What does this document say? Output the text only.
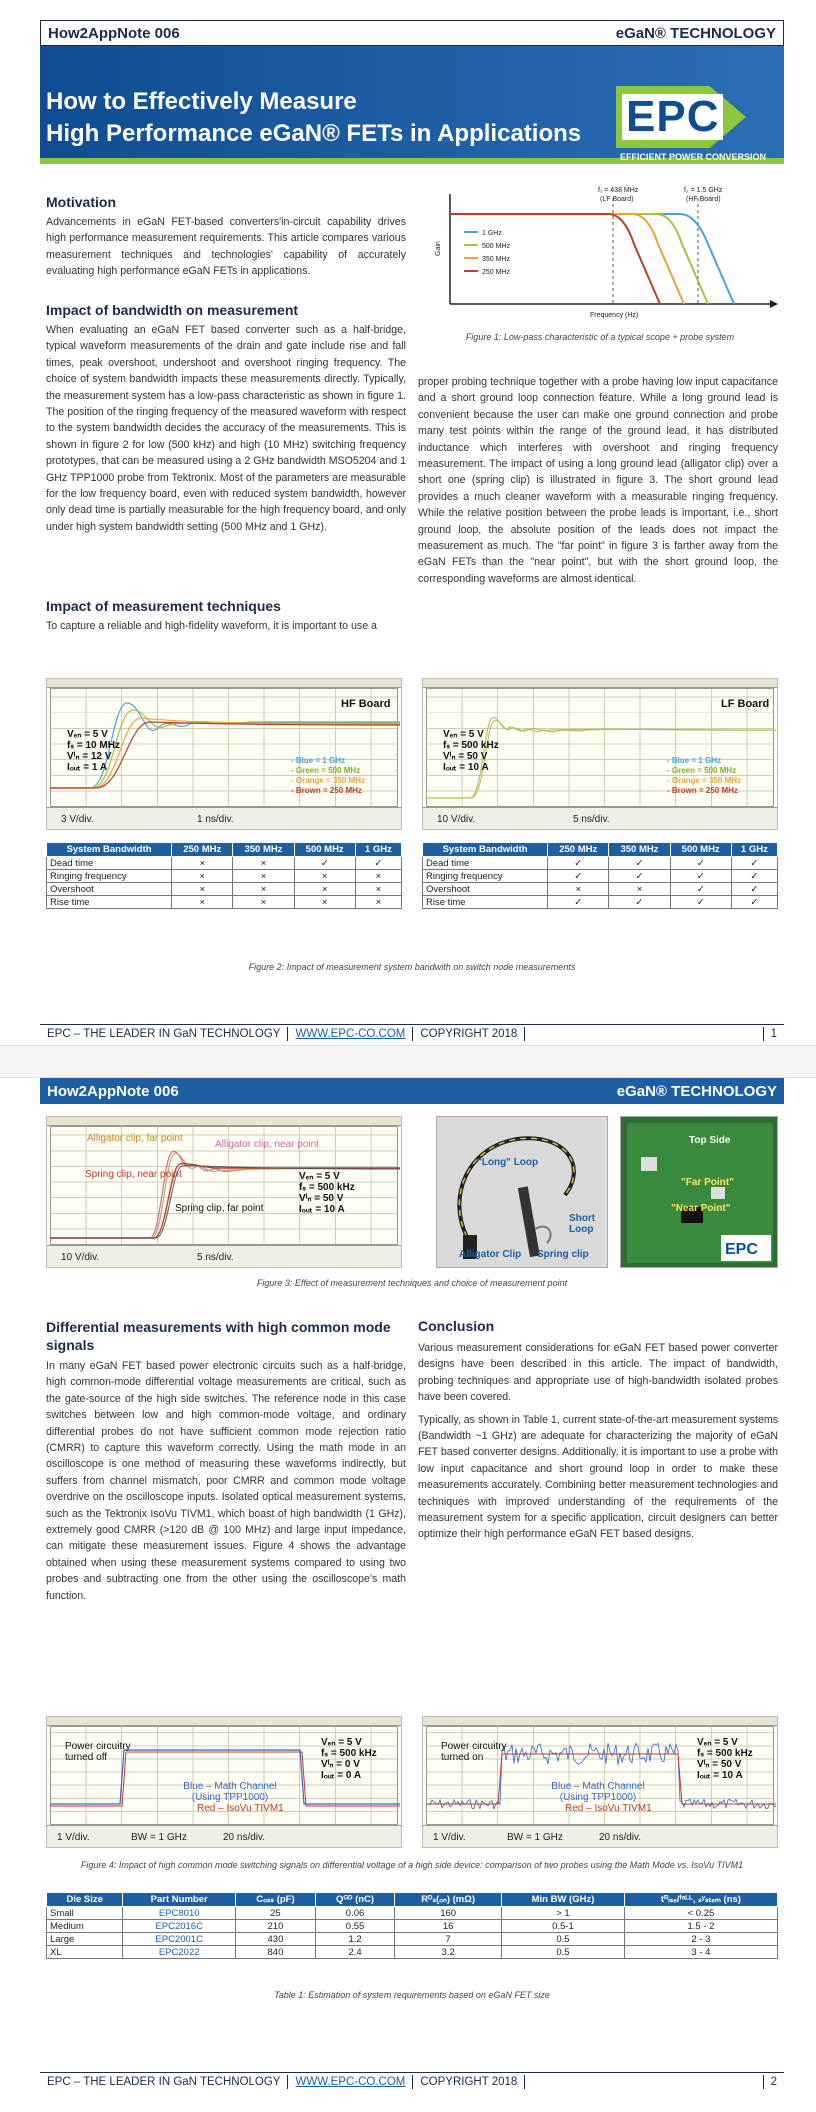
How2AppNote 006	eGaN® TECHNOLOGY
How to Effectively Measure
High Performance eGaN® FETs in Applications EPC
EFFICIENT POWER CONVERSION
Motivation
Advancements in eGaN FET-based converters'in-circuit capability drives high performance measurement requirements. This article compares various measurement techniques and technologies' capability of accurately evaluating high performance eGaN FETs in applications.
Impact of bandwidth on measurement
When evaluating an eGaN FET based converter such as a half-bridge, typical waveform measurements of the drain and gate include rise and fall times, peak overshoot, undershoot and overshoot ringing frequency. The choice of system bandwidth impacts these measurements directly. Typically, the measurement system has a low-pass characteristic as shown in figure 1. The position of the ringing frequency of the measured waveform with respect to the system bandwidth decides the accuracy of the measurements. This is shown in figure 2 for low (500 kHz) and high (10 MHz) switching frequency prototypes, that can be measured using a 2 GHz bandwidth MSO5204 and 1 GHz TPP1000 probe from Tektronix. Most of the parameters are measurable for the low frequency board, even with reduced system bandwidth, however only dead time is partially measurable for the high frequency board, and only under high system bandwidth setting (500 MHz and 1 GHz).
Impact of measurement techniques
To capture a reliable and high-fidelity waveform, it is important to use a
proper probing technique together with a probe having low input capacitance and a short ground loop connection feature. While a long ground lead is convenient because the user can make one ground connection and probe many test points within the range of the ground lead, it has distributed inductance which interferes with overshoot and ringing frequency measurement. The impact of using a long ground lead (alligator clip) over a short one (spring clip) is illustrated in figure 3. The short ground lead provides a much cleaner waveform with a measurable ringing frequency. While the relative position between the probe leads is important, i.e., short ground loop, the absolute position of the leads does not impact the measurement as much. The "far point" in figure 3 is farther away from the eGaN FETs than the "near point", but with the short ground loop, the corresponding waveforms are almost identical.
1 GHz
500 MHz
350 MHz
250 MHz
f₁ = 438 MHz
(LF Board)
f₂ = 1.5 GHz
(HF Board)
Frequency (Hz)
Gain
Figure 1: Low-pass characteristic of a typical scope + probe system
HF Board
Vₑₙ = 5 V
fₛ = 10 MHz
Vᴵₙ = 12 V
Iₒᵤₜ = 1 A
- Blue = 1 GHz
- Green = 500 MHz
- Orange = 350 MHz
- Brown = 250 MHz
3 V/div.	1 ns/div.
LF Board
Vₑₙ = 5 V
fₛ = 500 kHz
Vᴵₙ = 50 V
Iₒᵤₜ = 10 A
- Blue = 1 GHz
- Green = 500 MHz
- Orange = 350 MHz
- Brown = 250 MHz
10 V/div.	5 ns/div.
System Bandwidth	250 MHz	350 MHz	500 MHz	1 GHz
Dead time	×	×	✓	✓
Ringing frequency	×	×	×	×
Overshoot	×	×	×	×
Rise time	×	×	×	×
System Bandwidth	250 MHz	350 MHz	500 MHz	1 GHz
Dead time	✓	✓	✓	✓
Ringing frequency	✓	✓	✓	✓
Overshoot	×	×	✓	✓
Rise time	✓	✓	✓	✓
Figure 2: Impact of measurement system bandwith on switch node measurements
EPC – THE LEADER IN GaN TECHNOLOGY	WWW.EPC-CO.COM	COPYRIGHT 2018	1
How2AppNote 006	eGaN® TECHNOLOGY
Alligator clip, far point
Alligator clip, near point
Spring clip, near point
Spring clip, far point
Vₑₙ = 5 V
fₛ = 500 kHz
Vᴵₙ = 50 V
Iₒᵤₜ = 10 A
10 V/div.	5 ns/div.
"Long" Loop
Alligator Clip Spring clip
Short Loop
EPC
Top Side
"Far Point"
"Near Point"
Figure 3: Effect of measurement techniques and choice of measurement point
Differential measurements with high common mode signals
In many eGaN FET based power electronic circuits such as a half-bridge, high common-mode differential voltage measurements are critical, such as the gate-source of the high side switches. The reference node in this case switches between low and high common-mode voltage, and ordinary differential probes do not have sufficient common mode rejection ratio (CMRR) to capture this waveform correctly. Using the math mode in an oscilloscope is one method of measuring these waveforms indirectly, but suffers from channel mismatch, poor CMRR and common mode voltage overdrive on the oscilloscope inputs. Isolated optical measurement systems, such as the Tektronix IsoVu TIVM1, which boast of high bandwidth (1 GHz), extremely good CMRR (>120 dB @ 100 MHz) and large input impedance, can mitigate these measurement issues. Figure 4 shows the advantage obtained when using these measurement systems compared to using two probes and subtracting one from the other using the oscilloscope's math function.
Conclusion

Various measurement considerations for eGaN FET based power converter designs have been described in this article. The impact of bandwidth, probing techniques and appropriate use of high-bandwidth isolated probes have been covered.

Typically, as shown in Table 1, current state-of-the-art measurement systems (Bandwidth ~1 GHz) are adequate for characterizing the majority of eGaN FET based converter designs. Additionally, it is important to use a probe with low input capacitance and short ground loop in order to make these measurements accurately. Combining better measurement technologies and techniques with improved understanding of the requirements of the measurement system for a specific application, circuit designers can better optimize their high performance eGaN FET based designs.

Power circuitry turned off
Vₑₙ = 5 V
fₛ = 500 kHz
Vᴵₙ = 0 V
Iₒᵤₜ = 0 A
Blue – Math Channel (Using TPP1000)
Red – IsoVu TIVM1
1 V/div.	BW = 1 GHz	20 ns/div.
Power circuitry turned on
Vₑₙ = 5 V
fₛ = 500 kHz
Vᴵₙ = 50 V
Iₒᵤₜ = 10 A
Blue – Math Channel (Using TPP1000)
Red – IsoVu TIVM1
1 V/div.	BW = 1 GHz	20 ns/div.
Figure 4: Impact of high common mode switching signals on differential voltage of a high side device: comparison of two probes using the Math Mode vs. IsoVu TIVM1
Die Size	Part Number	Cₒₛₛ (pF)	Qᴳᴰ (nC)	Rᴰₛ(ₒₙ) (mΩ)	Min BW (GHz)	tᴿᵢₛₑ/ᶠᵃᴸᴸ, ₛʸₛₜₑₘ (ns)
Small	EPC8010	25	0.06	160	> 1	< 0.25
Medium	EPC2016C	210	0.55	16	0.5-1	1.5 - 2
Large	EPC2001C	430	1.2	7	0.5	2 - 3
XL	EPC2022	840	2.4	3.2	0.5	3 - 4
Table 1: Estimation of system requirements based on eGaN FET size
EPC – THE LEADER IN GaN TECHNOLOGY	WWW.EPC-CO.COM	COPYRIGHT 2018	2
